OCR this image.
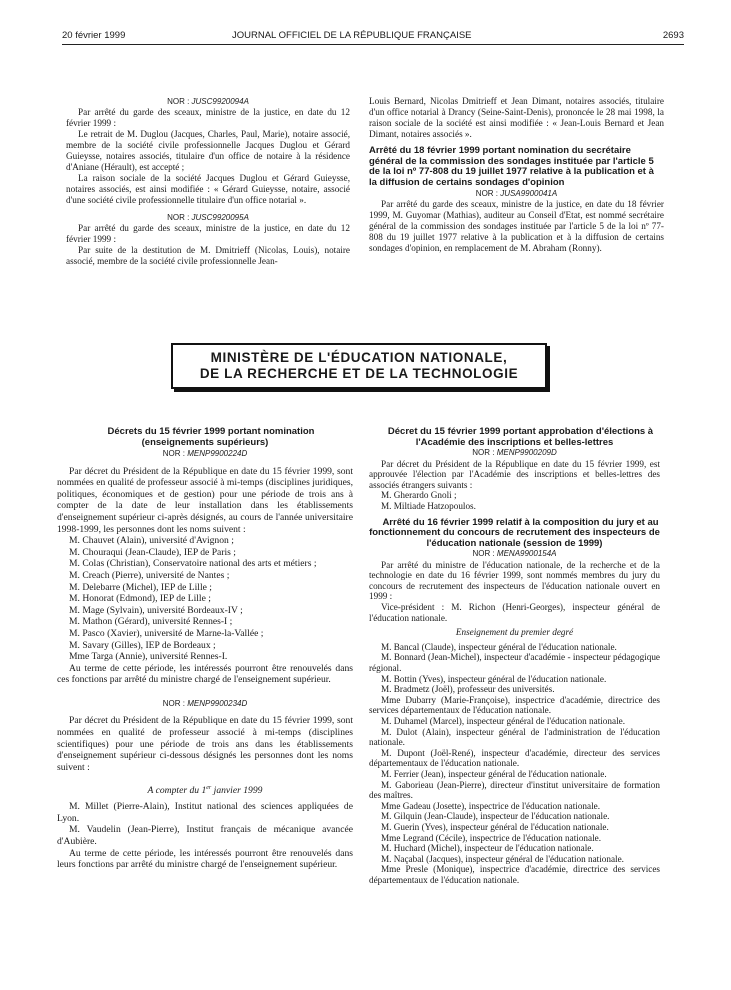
20 février 1999	JOURNAL OFFICIEL DE LA RÉPUBLIQUE FRANÇAISE	2693

NOR : JUSC9920094A

Par arrêté du garde des sceaux, ministre de la justice, en date du 12 février 1999 :

Le retrait de M. Duglou (Jacques, Charles, Paul, Marie), notaire associé, membre de la société civile professionnelle Jacques Duglou et Gérard Guieysse, notaires associés, titulaire d'un office de notaire à la résidence d'Aniane (Hérault), est accepté ;

La raison sociale de la société Jacques Duglou et Gérard Guieysse, notaires associés, est ainsi modifiée : « Gérard Guieysse, notaire, associé d'une société civile professionnelle titulaire d'un office notarial ».

NOR : JUSC9920095A

Par arrêté du garde des sceaux, ministre de la justice, en date du 12 février 1999 :

Par suite de la destitution de M. Dmitrieff (Nicolas, Louis), notaire associé, membre de la société civile professionnelle Jean-

Louis Bernard, Nicolas Dmitrieff et Jean Dimant, notaires associés, titulaire d'un office notarial à Drancy (Seine-Saint-Denis), prononcée le 28 mai 1998, la raison sociale de la société est ainsi modifiée : « Jean-Louis Bernard et Jean Dimant, notaires associés ».

Arrêté du 18 février 1999 portant nomination du secrétaire général de la commission des sondages instituée par l'article 5 de la loi nº 77-808 du 19 juillet 1977 relative à la publication et à la diffusion de certains sondages d'opinion

NOR : JUSA9900041A

Par arrêté du garde des sceaux, ministre de la justice, en date du 18 février 1999, M. Guyomar (Mathias), auditeur au Conseil d'Etat, est nommé secrétaire général de la commission des sondages instituée par l'article 5 de la loi nº 77-808 du 19 juillet 1977 relative à la publication et à la diffusion de certains sondages d'opinion, en remplacement de M. Abraham (Ronny).

MINISTÈRE DE L'ÉDUCATION NATIONALE,
DE LA RECHERCHE ET DE LA TECHNOLOGIE

Décrets du 15 février 1999 portant nomination (enseignements supérieurs)

NOR : MENP9900224D

Par décret du Président de la République en date du 15 février 1999, sont nommées en qualité de professeur associé à mi-temps (disciplines juridiques, politiques, économiques et de gestion) pour une période de trois ans à compter de la date de leur installation dans les établissements d'enseignement supérieur ci-après désignés, au cours de l'année universitaire 1998-1999, les personnes dont les noms suivent :

M. Chauvet (Alain), université d'Avignon ;

M. Chouraqui (Jean-Claude), IEP de Paris ;

M. Colas (Christian), Conservatoire national des arts et métiers ;

M. Creach (Pierre), université de Nantes ;

M. Delebarre (Michel), IEP de Lille ;

M. Honorat (Edmond), IEP de Lille ;

M. Mage (Sylvain), université Bordeaux-IV ;

M. Mathon (Gérard), université Rennes-I ;

M. Pasco (Xavier), université de Marne-la-Vallée ;

M. Savary (Gilles), IEP de Bordeaux ;

Mme Targa (Annie), université Rennes-I.

Au terme de cette période, les intéressés pourront être renouvelés dans ces fonctions par arrêté du ministre chargé de l'enseignement supérieur.

NOR : MENP9900234D

Par décret du Président de la République en date du 15 février 1999, sont nommées en qualité de professeur associé à mi-temps (disciplines scientifiques) pour une période de trois ans dans les établissements d'enseignement supérieur ci-dessous désignés les personnes dont les noms suivent :

A compter du 1er janvier 1999

M. Millet (Pierre-Alain), Institut national des sciences appliquées de Lyon.

M. Vaudelin (Jean-Pierre), Institut français de mécanique avancée d'Aubière.

Au terme de cette période, les intéressés pourront être renouvelés dans leurs fonctions par arrêté du ministre chargé de l'enseignement supérieur.

Décret du 15 février 1999 portant approbation d'élections à l'Académie des inscriptions et belles-lettres

NOR : MENP9900209D

Par décret du Président de la République en date du 15 février 1999, est approuvée l'élection par l'Académie des inscriptions et belles-lettres des associés étrangers suivants :

M. Gherardo Gnoli ;

M. Miltiade Hatzopoulos.

Arrêté du 16 février 1999 relatif à la composition du jury et au fonctionnement du concours de recrutement des inspecteurs de l'éducation nationale (session de 1999)

NOR : MENA9900154A

Par arrêté du ministre de l'éducation nationale, de la recherche et de la technologie en date du 16 février 1999, sont nommés membres du jury du concours de recrutement des inspecteurs de l'éducation nationale ouvert en 1999 :

Vice-président : M. Richon (Henri-Georges), inspecteur général de l'éducation nationale.

Enseignement du premier degré

M. Bancal (Claude), inspecteur général de l'éducation nationale.

M. Bonnard (Jean-Michel), inspecteur d'académie - inspecteur pédagogique régional.

M. Bottin (Yves), inspecteur général de l'éducation nationale.

M. Bradmetz (Joël), professeur des universités.

Mme Dubarry (Marie-Françoise), inspectrice d'académie, directrice des services départementaux de l'éducation nationale.

M. Duhamel (Marcel), inspecteur général de l'éducation nationale.

M. Dulot (Alain), inspecteur général de l'administration de l'éducation nationale.

M. Dupont (Joël-René), inspecteur d'académie, directeur des services départementaux de l'éducation nationale.

M. Ferrier (Jean), inspecteur général de l'éducation nationale.

M. Gaborieau (Jean-Pierre), directeur d'institut universitaire de formation des maîtres.

Mme Gadeau (Josette), inspectrice de l'éducation nationale.

M. Gilquin (Jean-Claude), inspecteur de l'éducation nationale.

M. Guerin (Yves), inspecteur général de l'éducation nationale.

Mme Legrand (Cécile), inspectrice de l'éducation nationale.

M. Huchard (Michel), inspecteur de l'éducation nationale.

M. Naçabal (Jacques), inspecteur général de l'éducation nationale.

Mme Presle (Monique), inspectrice d'académie, directrice des services départementaux de l'éducation nationale.
